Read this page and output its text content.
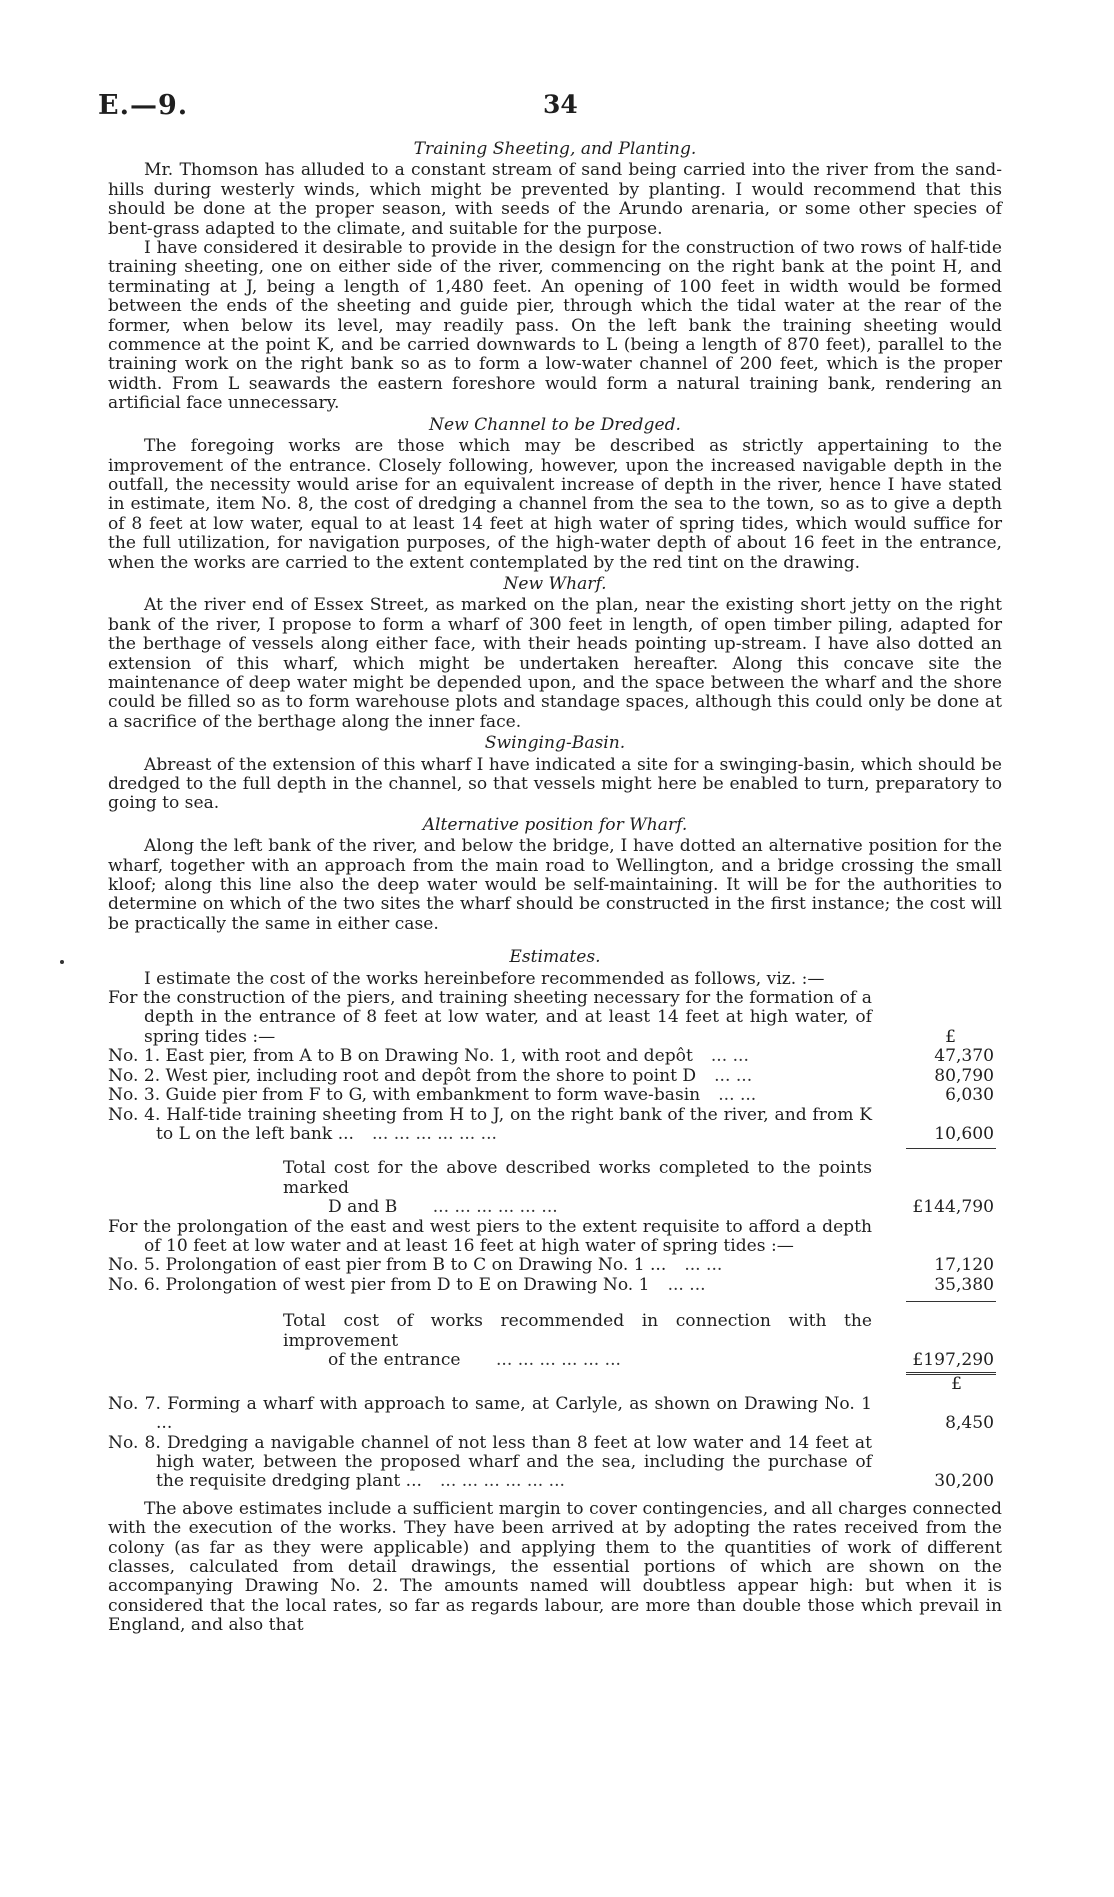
E.—9.	34
Training Sheeting, and Planting.

Mr. Thomson has alluded to a constant stream of sand being carried into the river from the sand-hills during westerly winds, which might be prevented by planting. I would recommend that this should be done at the proper season, with seeds of the Arundo arenaria, or some other species of bent-grass adapted to the climate, and suitable for the purpose.

I have considered it desirable to provide in the design for the construction of two rows of half-tide training sheeting, one on either side of the river, commencing on the right bank at the point H, and terminating at J, being a length of 1,480 feet. An opening of 100 feet in width would be formed between the ends of the sheeting and guide pier, through which the tidal water at the rear of the former, when below its level, may readily pass. On the left bank the training sheeting would commence at the point K, and be carried downwards to L (being a length of 870 feet), parallel to the training work on the right bank so as to form a low-water channel of 200 feet, which is the proper width. From L seawards the eastern foreshore would form a natural training bank, rendering an artificial face unnecessary.

New Channel to be Dredged.

The foregoing works are those which may be described as strictly appertaining to the improvement of the entrance. Closely following, however, upon the increased navigable depth in the outfall, the necessity would arise for an equivalent increase of depth in the river, hence I have stated in estimate, item No. 8, the cost of dredging a channel from the sea to the town, so as to give a depth of 8 feet at low water, equal to at least 14 feet at high water of spring tides, which would suffice for the full utilization, for navigation purposes, of the high-water depth of about 16 feet in the entrance, when the works are carried to the extent contemplated by the red tint on the drawing.

New Wharf.

At the river end of Essex Street, as marked on the plan, near the existing short jetty on the right bank of the river, I propose to form a wharf of 300 feet in length, of open timber piling, adapted for the berthage of vessels along either face, with their heads pointing up-stream. I have also dotted an extension of this wharf, which might be undertaken hereafter. Along this concave site the maintenance of deep water might be depended upon, and the space between the wharf and the shore could be filled so as to form warehouse plots and standage spaces, although this could only be done at a sacrifice of the berthage along the inner face.

Swinging-Basin.

Abreast of the extension of this wharf I have indicated a site for a swinging-basin, which should be dredged to the full depth in the channel, so that vessels might here be enabled to turn, preparatory to going to sea.

Alternative position for Wharf.

Along the left bank of the river, and below the bridge, I have dotted an alternative position for the wharf, together with an approach from the main road to Wellington, and a bridge crossing the small kloof; along this line also the deep water would be self-maintaining. It will be for the authorities to determine on which of the two sites the wharf should be constructed in the first instance; the cost will be practically the same in either case.

Estimates.

I estimate the cost of the works hereinbefore recommended as follows, viz. :—

For the construction of the piers, and training sheeting necessary for the formation of a depth in the entrance of 8 feet at low water, and at least 14 feet at high water, of spring tides :—	£
No. 1. East pier, from A to B on Drawing No. 1, with root and depôt ... ...	47,370
No. 2. West pier, including root and depôt from the shore to point D ... ...	80,790
No. 3. Guide pier from F to G, with embankment to form wave-basin ... ...	6,030
No. 4. Half-tide training sheeting from H to J, on the right bank of the river, and from K to L on the left bank ... ... ... ... ... ... ...	10,600
Total cost for the above described works completed to the points marked
D and B ... ... ... ... ... ...	£144,790
For the prolongation of the east and west piers to the extent requisite to afford a depth of 10 feet at low water and at least 16 feet at high water of spring tides :—
No. 5. Prolongation of east pier from B to C on Drawing No. 1 ... ... ...	17,120
No. 6. Prolongation of west pier from D to E on Drawing No. 1 ... ...	35,380
Total cost of works recommended in connection with the improvement
of the entrance ... ... ... ... ... ...	£197,290
£
No. 7. Forming a wharf with approach to same, at Carlyle, as shown on Drawing No. 1 ...	8,450
No. 8. Dredging a navigable channel of not less than 8 feet at low water and 14 feet at high water, between the proposed wharf and the sea, including the purchase of the requisite dredging plant ... ... ... ... ... ... ...	30,200

The above estimates include a sufficient margin to cover contingencies, and all charges connected with the execution of the works. They have been arrived at by adopting the rates received from the colony (as far as they were applicable) and applying them to the quantities of work of different classes, calculated from detail drawings, the essential portions of which are shown on the accompanying Drawing No. 2. The amounts named will doubtless appear high: but when it is considered that the local rates, so far as regards labour, are more than double those which prevail in England, and also that
